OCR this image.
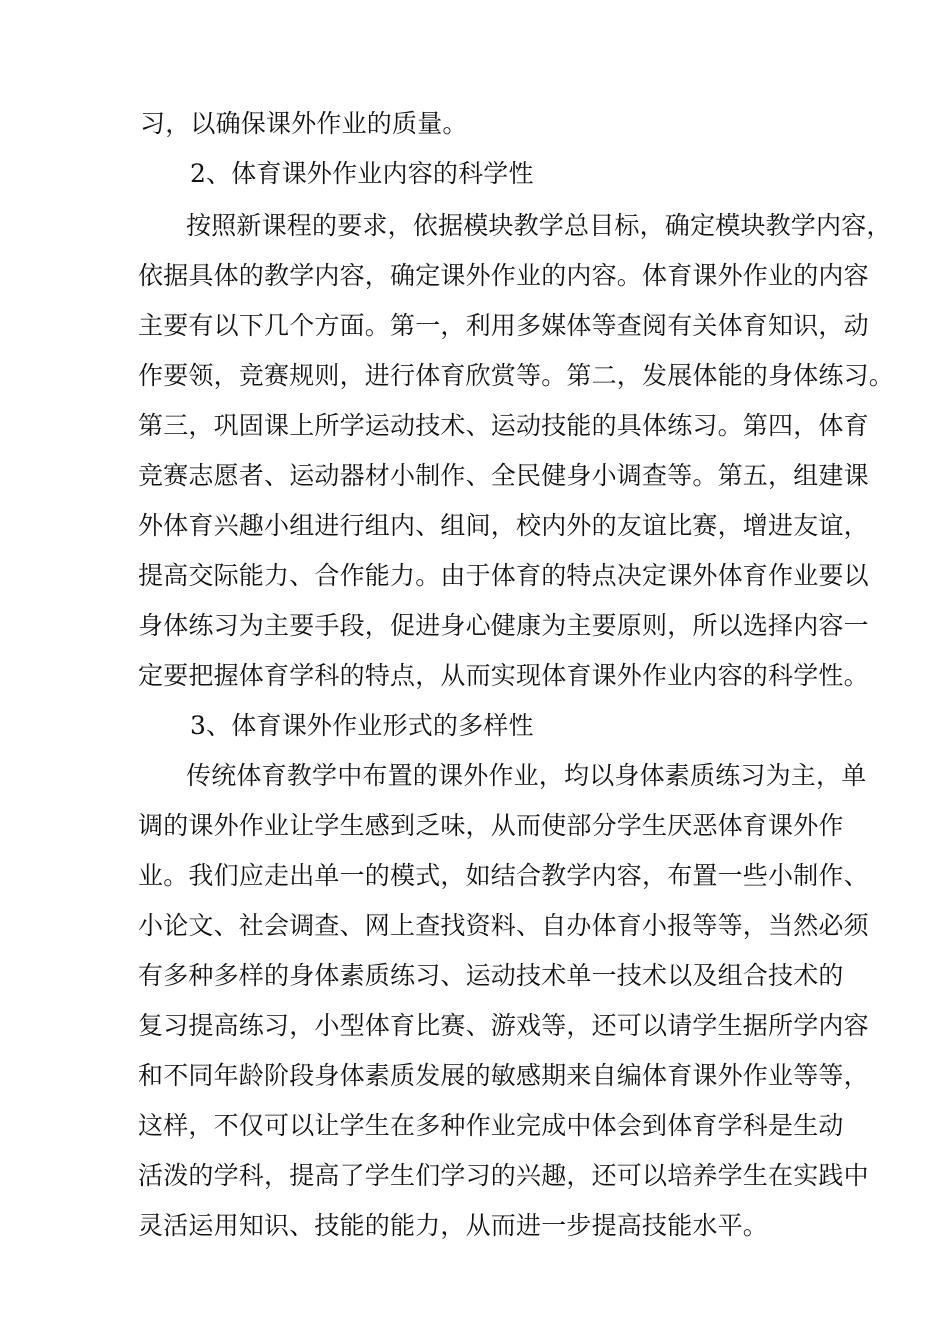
习，以确保课外作业的质量。
2、体育课外作业内容的科学性
按照新课程的要求，依据模块教学总目标，确定模块教学内容，
依据具体的教学内容，确定课外作业的内容。体育课外作业的内容
主要有以下几个方面。第一，利用多媒体等查阅有关体育知识，动
作要领，竞赛规则，进行体育欣赏等。第二，发展体能的身体练习。
第三，巩固课上所学运动技术、运动技能的具体练习。第四，体育
竞赛志愿者、运动器材小制作、全民健身小调查等。第五，组建课
外体育兴趣小组进行组内、组间，校内外的友谊比赛，增进友谊，
提高交际能力、合作能力。由于体育的特点决定课外体育作业要以
身体练习为主要手段，促进身心健康为主要原则，所以选择内容一
定要把握体育学科的特点，从而实现体育课外作业内容的科学性。
3、体育课外作业形式的多样性
传统体育教学中布置的课外作业，均以身体素质练习为主，单
调的课外作业让学生感到乏味，从而使部分学生厌恶体育课外作
业。我们应走出单一的模式，如结合教学内容，布置一些小制作、
小论文、社会调查、网上查找资料、自办体育小报等等，当然必须
有多种多样的身体素质练习、运动技术单一技术以及组合技术的
复习提高练习，小型体育比赛、游戏等，还可以请学生据所学内容
和不同年龄阶段身体素质发展的敏感期来自编体育课外作业等等，
这样，不仅可以让学生在多种作业完成中体会到体育学科是生动
活泼的学科，提高了学生们学习的兴趣，还可以培养学生在实践中
灵活运用知识、技能的能力，从而进一步提高技能水平。
